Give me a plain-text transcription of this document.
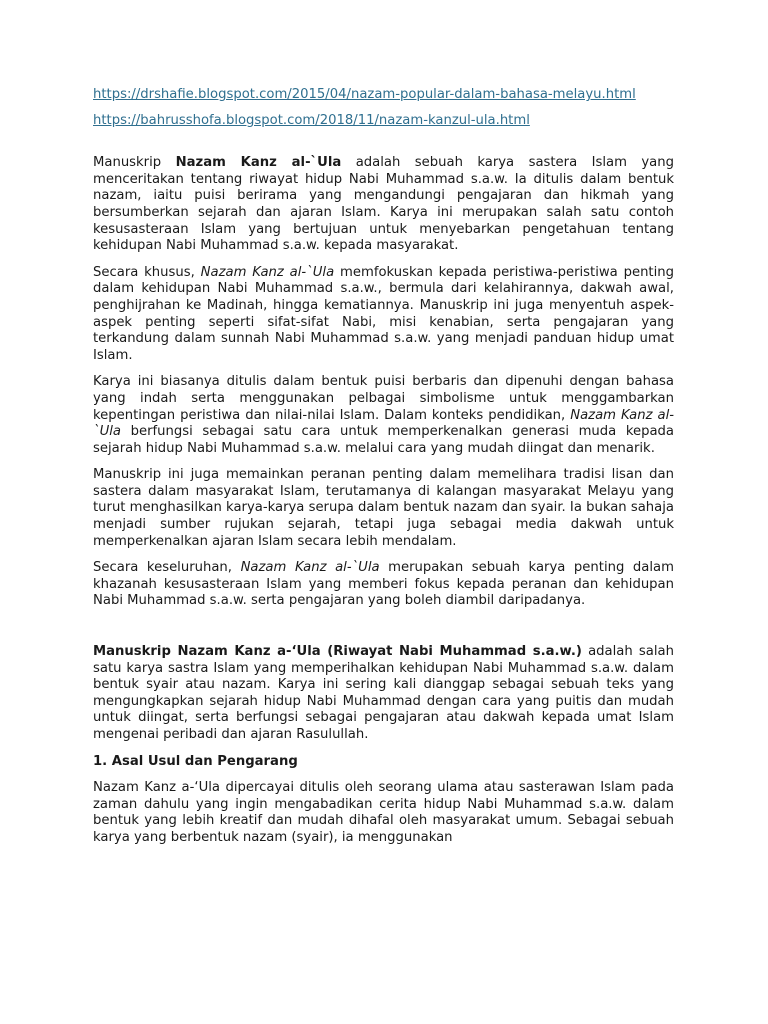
https://drshafie.blogspot.com/2015/04/nazam-popular-dalam-bahasa-melayu.html
https://bahrusshofa.blogspot.com/2018/11/nazam-kanzul-ula.html

Manuskrip Nazam Kanz al-`Ula adalah sebuah karya sastera Islam yang menceritakan tentang riwayat hidup Nabi Muhammad s.a.w. Ia ditulis dalam bentuk nazam, iaitu puisi berirama yang mengandungi pengajaran dan hikmah yang bersumberkan sejarah dan ajaran Islam. Karya ini merupakan salah satu contoh kesusasteraan Islam yang bertujuan untuk menyebarkan pengetahuan tentang kehidupan Nabi Muhammad s.a.w. kepada masyarakat.

Secara khusus, Nazam Kanz al-`Ula memfokuskan kepada peristiwa-peristiwa penting dalam kehidupan Nabi Muhammad s.a.w., bermula dari kelahirannya, dakwah awal, penghijrahan ke Madinah, hingga kematiannya. Manuskrip ini juga menyentuh aspek-aspek penting seperti sifat-sifat Nabi, misi kenabian, serta pengajaran yang terkandung dalam sunnah Nabi Muhammad s.a.w. yang menjadi panduan hidup umat Islam.

Karya ini biasanya ditulis dalam bentuk puisi berbaris dan dipenuhi dengan bahasa yang indah serta menggunakan pelbagai simbolisme untuk menggambarkan kepentingan peristiwa dan nilai-nilai Islam. Dalam konteks pendidikan, Nazam Kanz al-`Ula berfungsi sebagai satu cara untuk memperkenalkan generasi muda kepada sejarah hidup Nabi Muhammad s.a.w. melalui cara yang mudah diingat dan menarik.

Manuskrip ini juga memainkan peranan penting dalam memelihara tradisi lisan dan sastera dalam masyarakat Islam, terutamanya di kalangan masyarakat Melayu yang turut menghasilkan karya-karya serupa dalam bentuk nazam dan syair. Ia bukan sahaja menjadi sumber rujukan sejarah, tetapi juga sebagai media dakwah untuk memperkenalkan ajaran Islam secara lebih mendalam.

Secara keseluruhan, Nazam Kanz al-`Ula merupakan sebuah karya penting dalam khazanah kesusasteraan Islam yang memberi fokus kepada peranan dan kehidupan Nabi Muhammad s.a.w. serta pengajaran yang boleh diambil daripadanya.

Manuskrip Nazam Kanz a-‘Ula (Riwayat Nabi Muhammad s.a.w.) adalah salah satu karya sastra Islam yang memperihalkan kehidupan Nabi Muhammad s.a.w. dalam bentuk syair atau nazam. Karya ini sering kali dianggap sebagai sebuah teks yang mengungkapkan sejarah hidup Nabi Muhammad dengan cara yang puitis dan mudah untuk diingat, serta berfungsi sebagai pengajaran atau dakwah kepada umat Islam mengenai peribadi dan ajaran Rasulullah.

1. Asal Usul dan Pengarang

Nazam Kanz a-‘Ula dipercayai ditulis oleh seorang ulama atau sasterawan Islam pada zaman dahulu yang ingin mengabadikan cerita hidup Nabi Muhammad s.a.w. dalam bentuk yang lebih kreatif dan mudah dihafal oleh masyarakat umum. Sebagai sebuah karya yang berbentuk nazam (syair), ia menggunakan
